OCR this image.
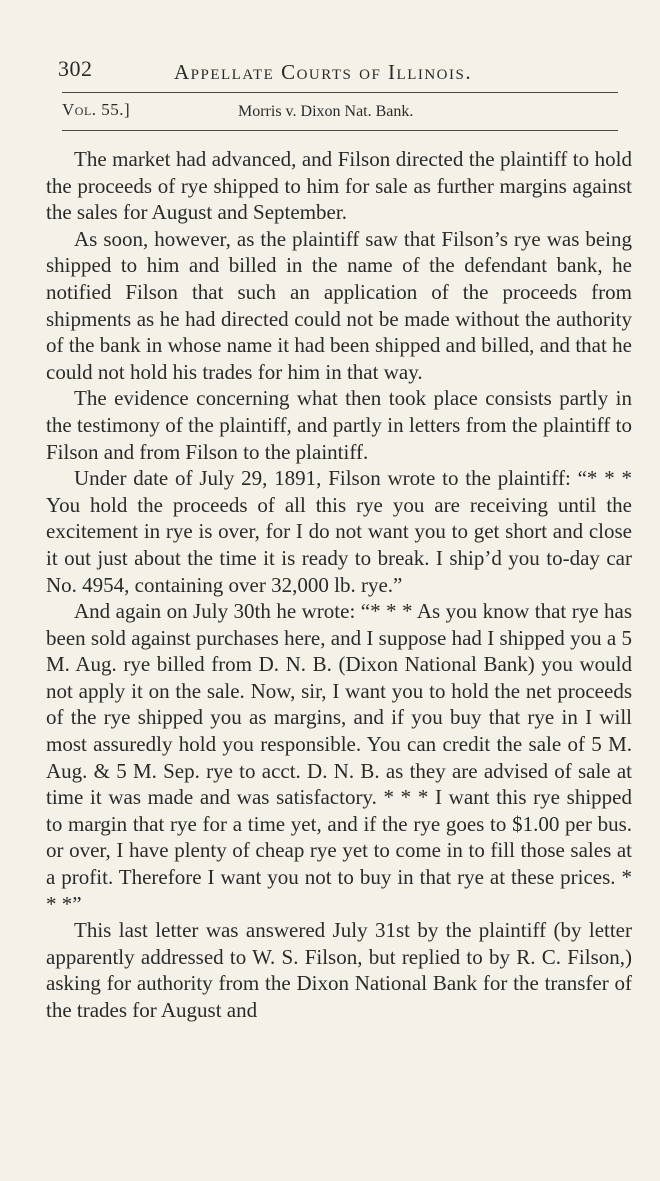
302	Appellate Courts of Illinois.
Vol. 55.]	Morris v. Dixon Nat. Bank.

The market had advanced, and Filson directed the plaintiff to hold the proceeds of rye shipped to him for sale as further margins against the sales for August and September.

As soon, however, as the plaintiff saw that Filson’s rye was being shipped to him and billed in the name of the defendant bank, he notified Filson that such an application of the proceeds from shipments as he had directed could not be made without the authority of the bank in whose name it had been shipped and billed, and that he could not hold his trades for him in that way.

The evidence concerning what then took place consists partly in the testimony of the plaintiff, and partly in letters from the plaintiff to Filson and from Filson to the plaintiff.

Under date of July 29, 1891, Filson wrote to the plaintiff: “* * * You hold the proceeds of all this rye you are receiving until the excitement in rye is over, for I do not want you to get short and close it out just about the time it is ready to break. I ship’d you to-day car No. 4954, containing over 32,000 lb. rye.”

And again on July 30th he wrote: “* * * As you know that rye has been sold against purchases here, and I suppose had I shipped you a 5 M. Aug. rye billed from D. N. B. (Dixon National Bank) you would not apply it on the sale. Now, sir, I want you to hold the net proceeds of the rye shipped you as margins, and if you buy that rye in I will most assuredly hold you responsible. You can credit the sale of 5 M. Aug. & 5 M. Sep. rye to acct. D. N. B. as they are advised of sale at time it was made and was satisfactory. * * * I want this rye shipped to margin that rye for a time yet, and if the rye goes to $1.00 per bus. or over, I have plenty of cheap rye yet to come in to fill those sales at a profit. Therefore I want you not to buy in that rye at these prices. * * *”

This last letter was answered July 31st by the plaintiff (by letter apparently addressed to W. S. Filson, but replied to by R. C. Filson,) asking for authority from the Dixon National Bank for the transfer of the trades for August and
